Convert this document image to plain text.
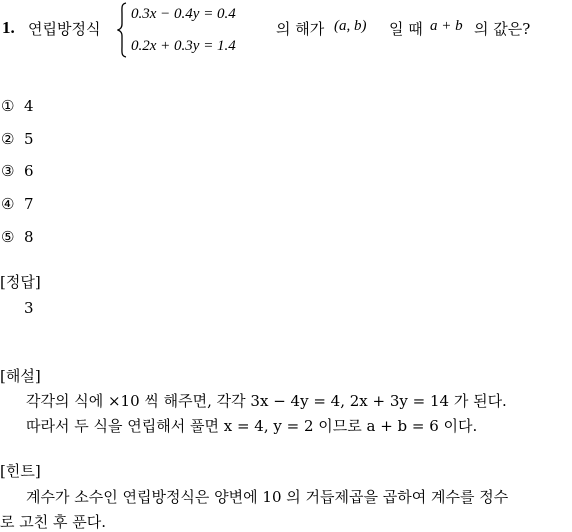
1. 연립방정식
0.3x − 0.4y = 0.4
0.2x + 0.3y = 1.4
의 해가 (a, b) 일 때 a + b 의 값은?
① 4
② 5
③ 6
④ 7
⑤ 8
[정답]
3
[해설]
각각의 식에 ×10 씩 해주면, 각각 3x − 4y = 4, 2x + 3y = 14 가 된다.
따라서 두 식을 연립해서 풀면 x = 4, y = 2 이므로 a + b = 6 이다.
[힌트]
계수가 소수인 연립방정식은 양변에 10 의 거듭제곱을 곱하여 계수를 정수
로 고친 후 푼다.
